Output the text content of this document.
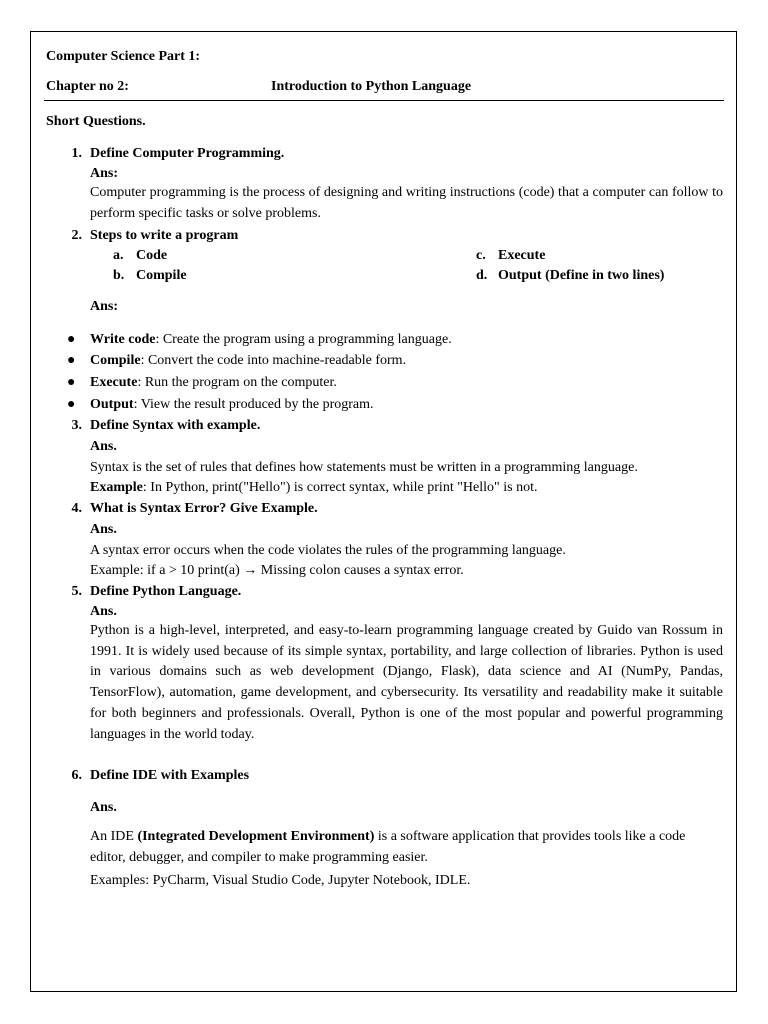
Computer Science Part 1:
Chapter no 2:	Introduction to Python Language
Short Questions.
1. Define Computer Programming.
Ans:
Computer programming is the process of designing and writing instructions (code) that a computer can follow to perform specific tasks or solve problems.
2. Steps to write a program
a. Code
b. Compile
c. Execute
d. Output (Define in two lines)
Ans:
● Write code: Create the program using a programming language.
● Compile: Convert the code into machine-readable form.
● Execute: Run the program on the computer.
● Output: View the result produced by the program.
3. Define Syntax with example.
Ans.
Syntax is the set of rules that defines how statements must be written in a programming language.
Example: In Python, print("Hello") is correct syntax, while print "Hello" is not.
4. What is Syntax Error? Give Example.
Ans.
A syntax error occurs when the code violates the rules of the programming language.
Example: if a > 10 print(a) → Missing colon causes a syntax error.
5. Define Python Language.
Ans.
Python is a high-level, interpreted, and easy-to-learn programming language created by Guido van Rossum in 1991. It is widely used because of its simple syntax, portability, and large collection of libraries. Python is used in various domains such as web development (Django, Flask), data science and AI (NumPy, Pandas, TensorFlow), automation, game development, and cybersecurity. Its versatility and readability make it suitable for both beginners and professionals. Overall, Python is one of the most popular and powerful programming languages in the world today.
6. Define IDE with Examples
Ans.
An IDE (Integrated Development Environment) is a software application that provides tools like a code editor, debugger, and compiler to make programming easier.
Examples: PyCharm, Visual Studio Code, Jupyter Notebook, IDLE.
